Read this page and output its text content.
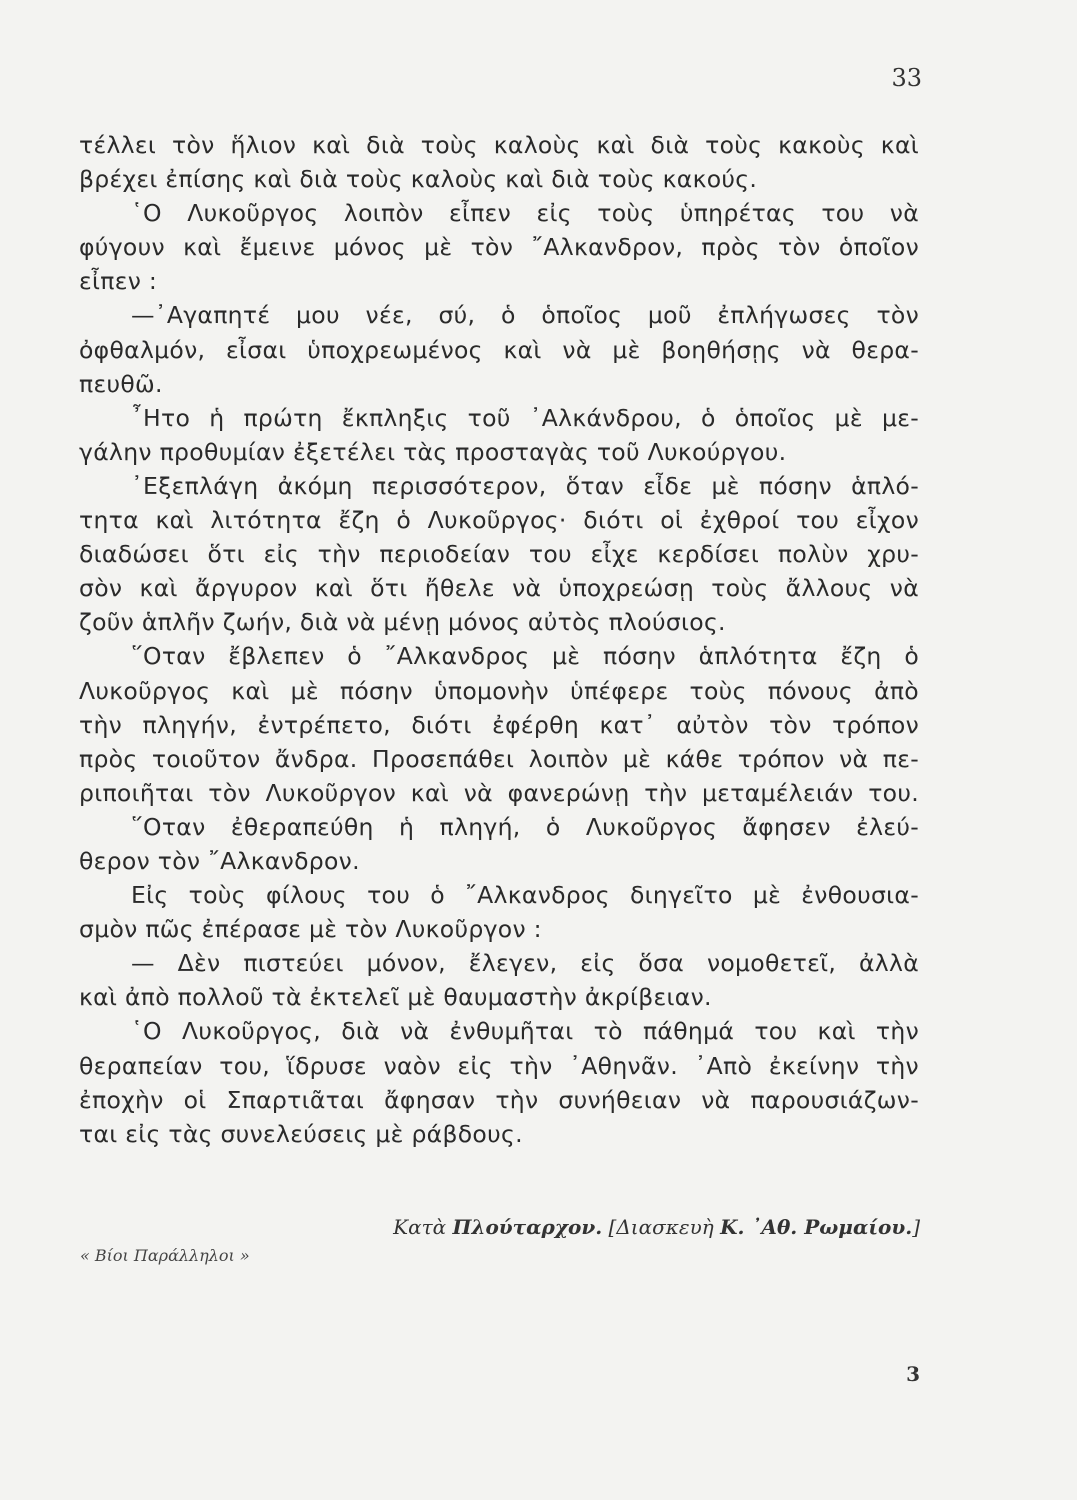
33
τέλλει τὸν ἥλιον καὶ διὰ τοὺς καλοὺς καὶ διὰ τοὺς κακοὺς καὶ
βρέχει ἐπίσης καὶ διὰ τοὺς καλοὺς καὶ διὰ τοὺς κακούς.
῾Ο Λυκοῦργος λοιπὸν εἶπεν εἰς τοὺς ὑπηρέτας του νὰ
φύγουν καὶ ἔμεινε μόνος μὲ τὸν ῎Αλκανδρον, πρὸς τὸν ὁποῖον
εἶπεν :
—᾿Αγαπητέ μου νέε, σύ, ὁ ὁποῖος μοῦ ἐπλήγωσες τὸν
ὀφθαλμόν, εἶσαι ὑποχρεωμένος καὶ νὰ μὲ βοηθήσῃς νὰ θερα-
πευθῶ.
῏Ητο ἡ πρώτη ἔκπληξις τοῦ ᾿Αλκάνδρου, ὁ ὁποῖος μὲ με-
γάλην προθυμίαν ἐξετέλει τὰς προσταγὰς τοῦ Λυκούργου.
᾿Εξεπλάγη ἀκόμη περισσότερον, ὅταν εἶδε μὲ πόσην ἁπλό-
τητα καὶ λιτότητα ἔζη ὁ Λυκοῦργος· διότι οἱ ἐχθροί του εἶχον
διαδώσει ὅτι εἰς τὴν περιοδείαν του εἶχε κερδίσει πολὺν χρυ-
σὸν καὶ ἄργυρον καὶ ὅτι ἤθελε νὰ ὑποχρεώσῃ τοὺς ἄλλους νὰ
ζοῦν ἁπλῆν ζωήν, διὰ νὰ μένῃ μόνος αὐτὸς πλούσιος.
῞Οταν ἔβλεπεν ὁ ῎Αλκανδρος μὲ πόσην ἁπλότητα ἔζη ὁ
Λυκοῦργος καὶ μὲ πόσην ὑπομονὴν ὑπέφερε τοὺς πόνους ἀπὸ
τὴν πληγήν, ἐντρέπετο, διότι ἐφέρθη κατ᾿ αὐτὸν τὸν τρόπον
πρὸς τοιοῦτον ἄνδρα. Προσεπάθει λοιπὸν μὲ κάθε τρόπον νὰ πε-
ριποιῆται τὸν Λυκοῦργον καὶ νὰ φανερώνῃ τὴν μεταμέλειάν του.
῞Οταν ἐθεραπεύθη ἡ πληγή, ὁ Λυκοῦργος ἄφησεν ἐλεύ-
θερον τὸν ῎Αλκανδρον.
Εἰς τοὺς φίλους του ὁ ῎Αλκανδρος διηγεῖτο μὲ ἐνθουσια-
σμὸν πῶς ἐπέρασε μὲ τὸν Λυκοῦργον :
— Δὲν πιστεύει μόνον, ἔλεγεν, εἰς ὅσα νομοθετεῖ, ἀλλὰ
καὶ ἀπὸ πολλοῦ τὰ ἐκτελεῖ μὲ θαυμαστὴν ἀκρίβειαν.
῾Ο Λυκοῦργος, διὰ νὰ ἐνθυμῆται τὸ πάθημά του καὶ τὴν
θεραπείαν του, ἵδρυσε ναὸν εἰς τὴν ᾿Αθηνᾶν. ᾿Απὸ ἐκείνην τὴν
ἐποχὴν οἱ Σπαρτιᾶται ἄφησαν τὴν συνήθειαν νὰ παρουσιάζων-
ται εἰς τὰς συνελεύσεις μὲ ράβδους.
Κατὰ Πλούταρχον. [Διασκευὴ Κ. ᾿Αθ. Ρωμαίου.]
« Βίοι Παράλληλοι »
3
